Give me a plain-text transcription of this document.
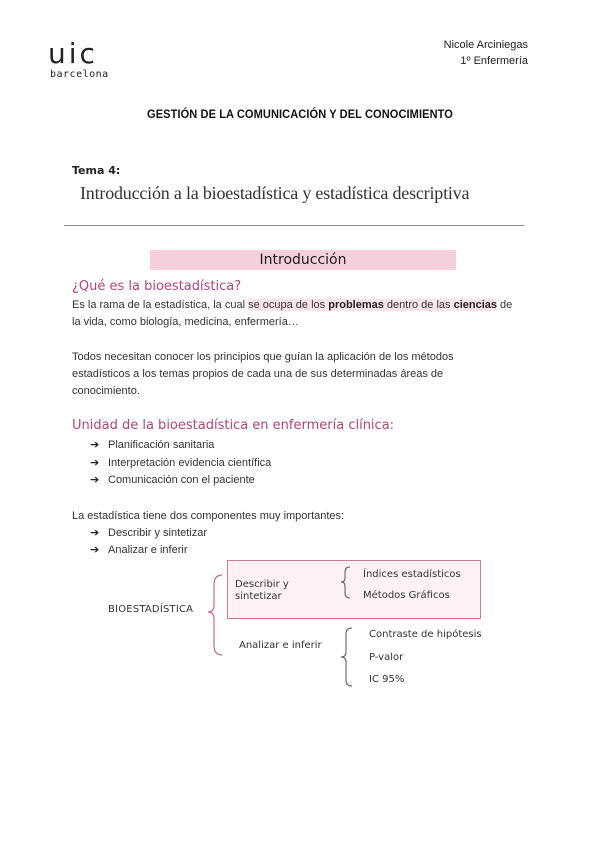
uic
barcelona
Nicole Arciniegas
1º Enfermería
GESTIÓN DE LA COMUNICACIÓN Y DEL CONOCIMIENTO
Tema 4:
Introducción a la bioestadística y estadística descriptiva
Introducción
¿Qué es la bioestadística?
Es la rama de la estadística, la cual se ocupa de los problemas dentro de las ciencias de
la vida, como biología, medicina, enfermería…
Todos necesitan conocer los principios que guían la aplicación de los métodos
estadísticos a los temas propios de cada una de sus determinadas áreas de
conocimiento.
Unidad de la bioestadística en enfermería clínica:
➔ Planificación sanitaria
➔ Interpretación evidencia científica
➔ Comunicación con el paciente
La estadística tiene dos componentes muy importantes:
➔ Describir y sintetizar
➔ Analizar e inferir
BIOESTADÍSTICA
Describir y
sintetizar
Índices estadísticos
Métodos Gráficos
Analizar e inferir
Contraste de hipótesis
P-valor
IC 95%
